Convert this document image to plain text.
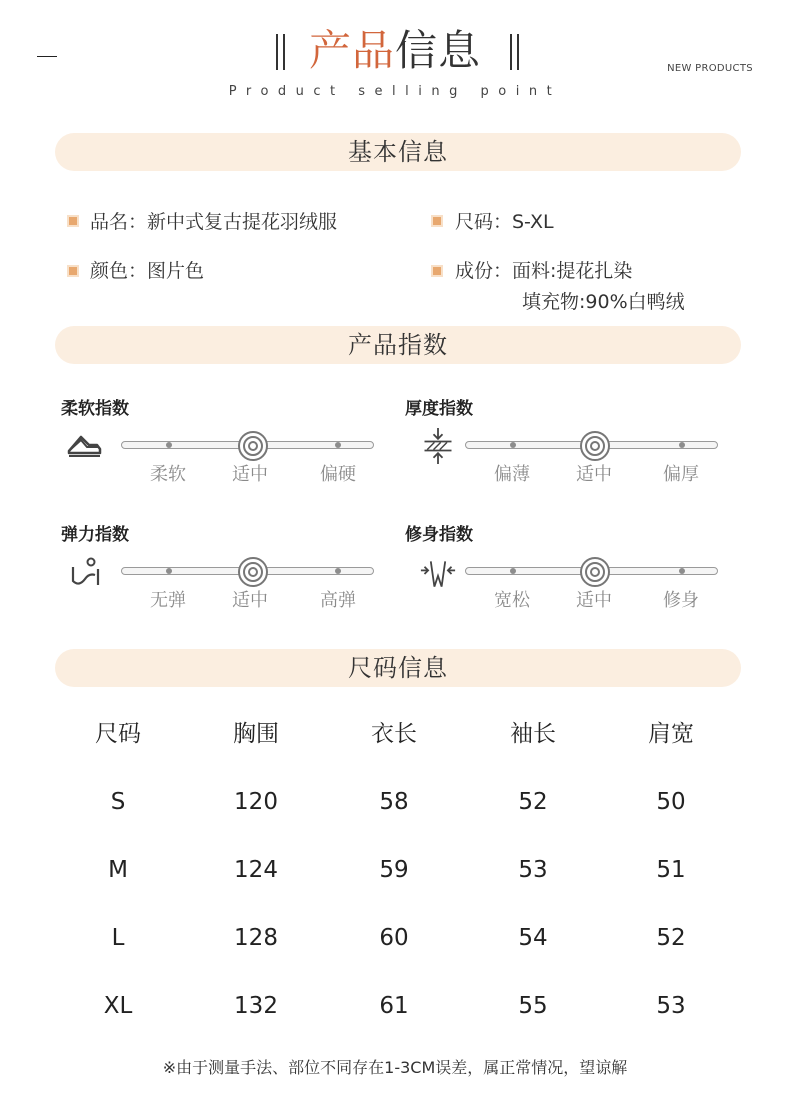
产品信息
Product selling point
NEW PRODUCTS
基本信息
品名：新中式复古提花羽绒服	尺码：S-XL
颜色：图片色	成份：面料:提花扎染
填充物:90%白鸭绒
产品指数
柔软指数
柔软	适中	偏硬
厚度指数
偏薄	适中	偏厚
弹力指数
无弹	适中	高弹
修身指数
宽松	适中	修身
尺码信息
尺码	胸围	衣长	袖长	肩宽
S	120	58	52	50
M	124	59	53	51
L	128	60	54	52
XL	132	61	55	53
※由于测量手法、部位不同存在1-3CM误差，属正常情况，望谅解
